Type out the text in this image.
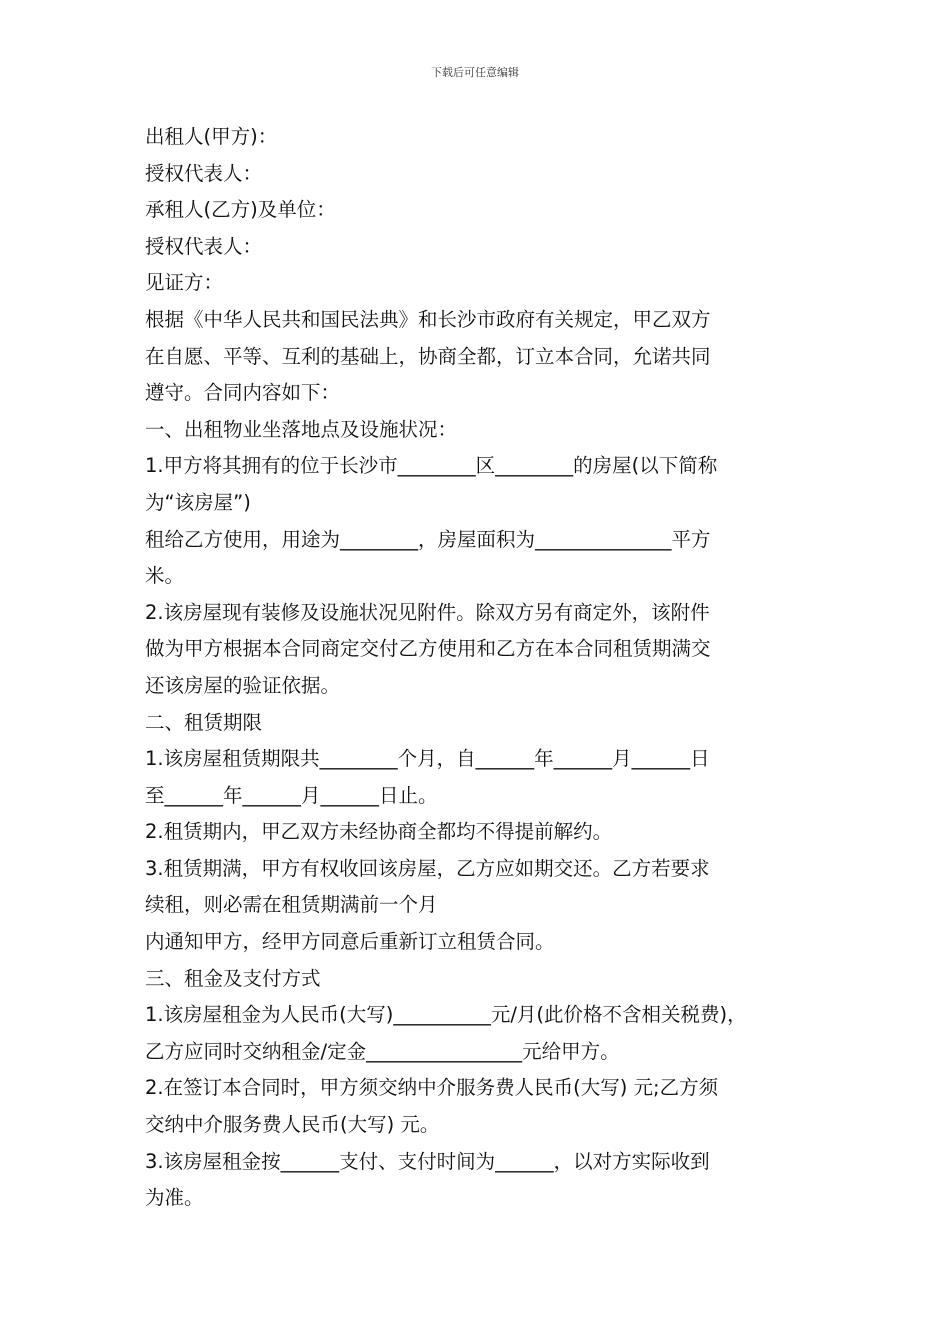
下载后可任意编辑

出租人(甲方)：

授权代表人：

承租人(乙方)及单位：

授权代表人：

见证方：

根据《中华人民共和国民法典》和长沙市政府有关规定，甲乙双方

在自愿、平等、互利的基础上，协商全都，订立本合同，允诺共同

遵守。合同内容如下：

一、出租物业坐落地点及设施状况：

1.甲方将其拥有的位于长沙市________区________的房屋(以下简称

为“该房屋”)

租给乙方使用，用途为________，房屋面积为______________平方

米。

2.该房屋现有装修及设施状况见附件。除双方另有商定外，该附件

做为甲方根据本合同商定交付乙方使用和乙方在本合同租赁期满交

还该房屋的验证依据。

二、租赁期限

1.该房屋租赁期限共________个月，自______年______月______日

至______年______月______日止。

2.租赁期内，甲乙双方未经协商全都均不得提前解约。

3.租赁期满，甲方有权收回该房屋，乙方应如期交还。乙方若要求

续租，则必需在租赁期满前一个月

内通知甲方，经甲方同意后重新订立租赁合同。

三、租金及支付方式

1.该房屋租金为人民币(大写)__________元/月(此价格不含相关税费)，

乙方应同时交纳租金/定金________________元给甲方。

2.在签订本合同时，甲方须交纳中介服务费人民币(大写) 元;乙方须

交纳中介服务费人民币(大写) 元。

3.该房屋租金按______支付、支付时间为______，以对方实际收到

为准。
